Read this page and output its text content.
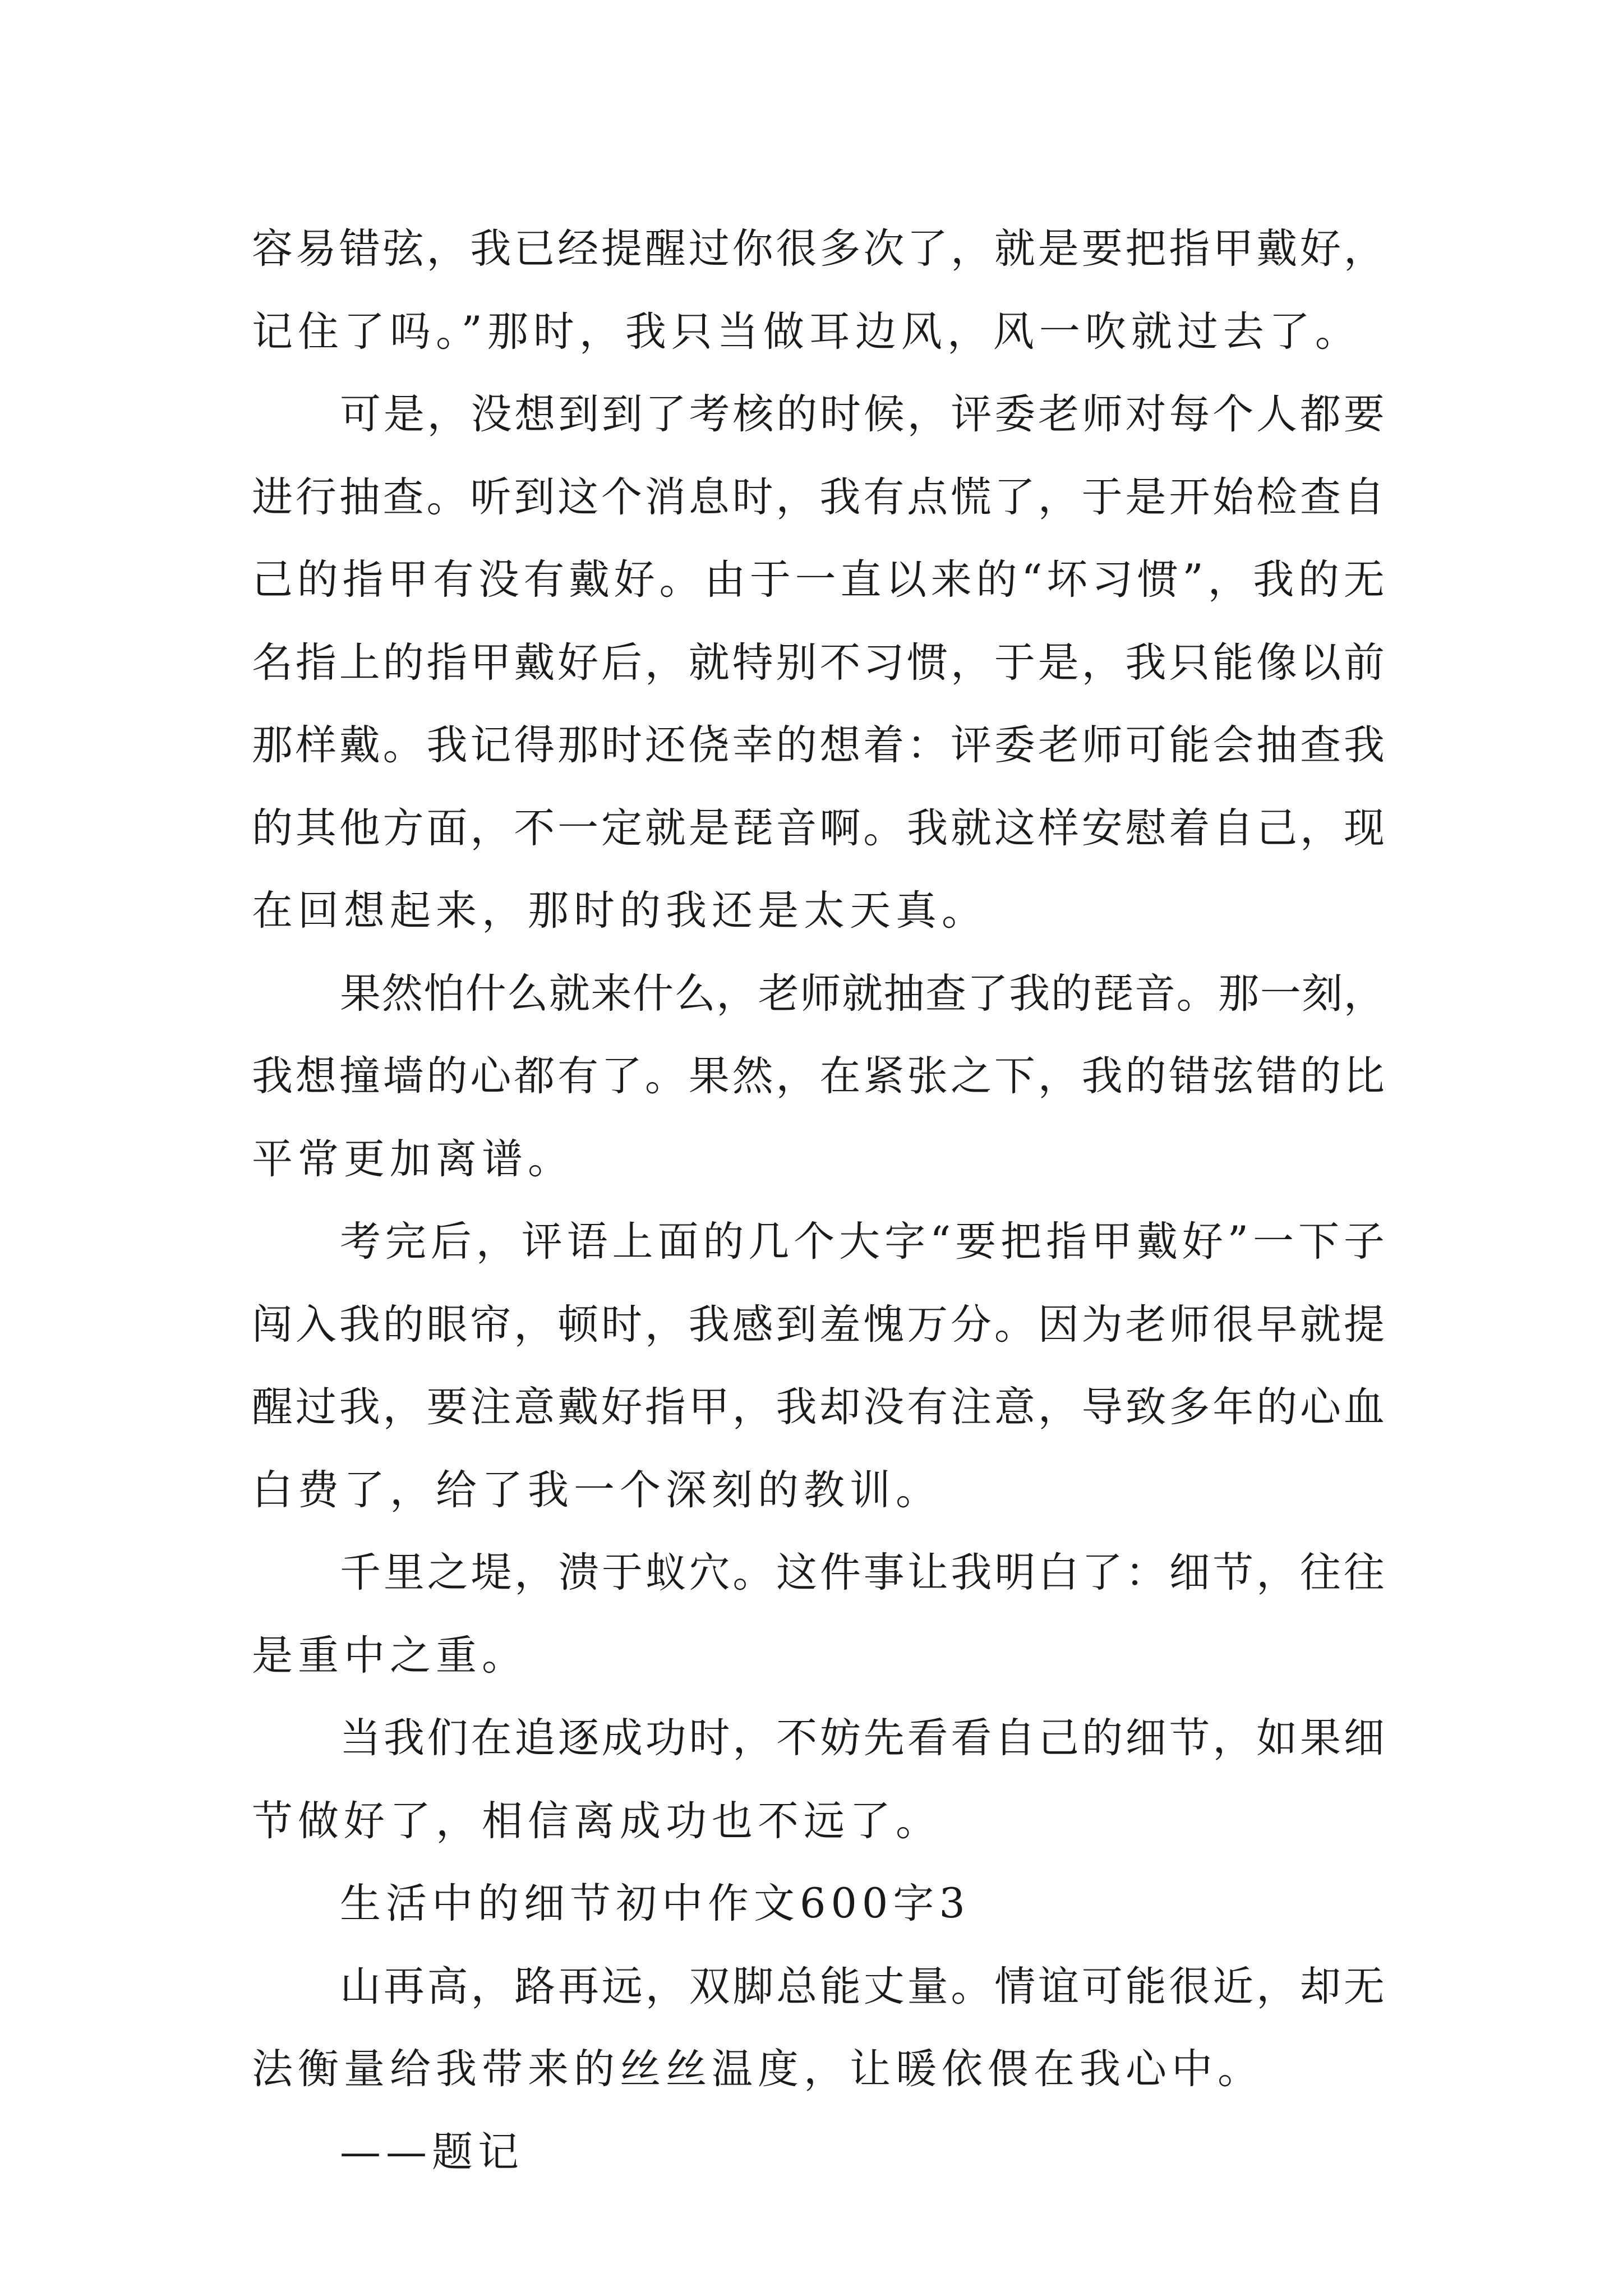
容 易 错 弦 ， 我 已 经 提 醒 过 你 很 多 次 了 ， 就 是 要 把 指 甲 戴 好 ，
记住了吗。”那时，我只当做耳边风，风一吹就过去了。
可 是 ， 没 想 到 到 了 考 核 的 时 候 ， 评 委 老 师 对 每 个 人 都 要
进 行 抽 查 。 听 到 这 个 消 息 时 ， 我 有 点 慌 了 ， 于 是 开 始 检 查 自
己 的 指 甲 有 没 有 戴 好 。 由 于 一 直 以 来 的 “ 坏 习 惯 ” ， 我 的 无
名 指 上 的 指 甲 戴 好 后 ， 就 特 别 不 习 惯 ， 于 是 ， 我 只 能 像 以 前
那 样 戴 。 我 记 得 那 时 还 侥 幸 的 想 着 ： 评 委 老 师 可 能 会 抽 查 我
的 其 他 方 面 ， 不 一 定 就 是 琵 音 啊 。 我 就 这 样 安 慰 着 自 己 ， 现
在回想起来，那时的我还是太天真。
果 然 怕 什 么 就 来 什 么 ， 老 师 就 抽 查 了 我 的 琵 音 。 那 一 刻 ，
我 想 撞 墙 的 心 都 有 了 。 果 然 ， 在 紧 张 之 下 ， 我 的 错 弦 错 的 比
平常更加离谱。
考 完 后 ， 评 语 上 面 的 几 个 大 字 “ 要 把 指 甲 戴 好 ” 一 下 子
闯 入 我 的 眼 帘 ， 顿 时 ， 我 感 到 羞 愧 万 分 。 因 为 老 师 很 早 就 提
醒 过 我 ， 要 注 意 戴 好 指 甲 ， 我 却 没 有 注 意 ， 导 致 多 年 的 心 血
白费了，给了我一个深刻的教训。
千 里 之 堤 ， 溃 于 蚁 穴 。 这 件 事 让 我 明 白 了 ： 细 节 ， 往 往
是重中之重。
当 我 们 在 追 逐 成 功 时 ， 不 妨 先 看 看 自 己 的 细 节 ， 如 果 细
节做好了，相信离成功也不远了。
生活中的细节初中作文600字3
山 再 高 ， 路 再 远 ， 双 脚 总 能 丈 量 。 情 谊 可 能 很 近 ， 却 无
法衡量给我带来的丝丝温度，让暖依偎在我心中。
——题记
